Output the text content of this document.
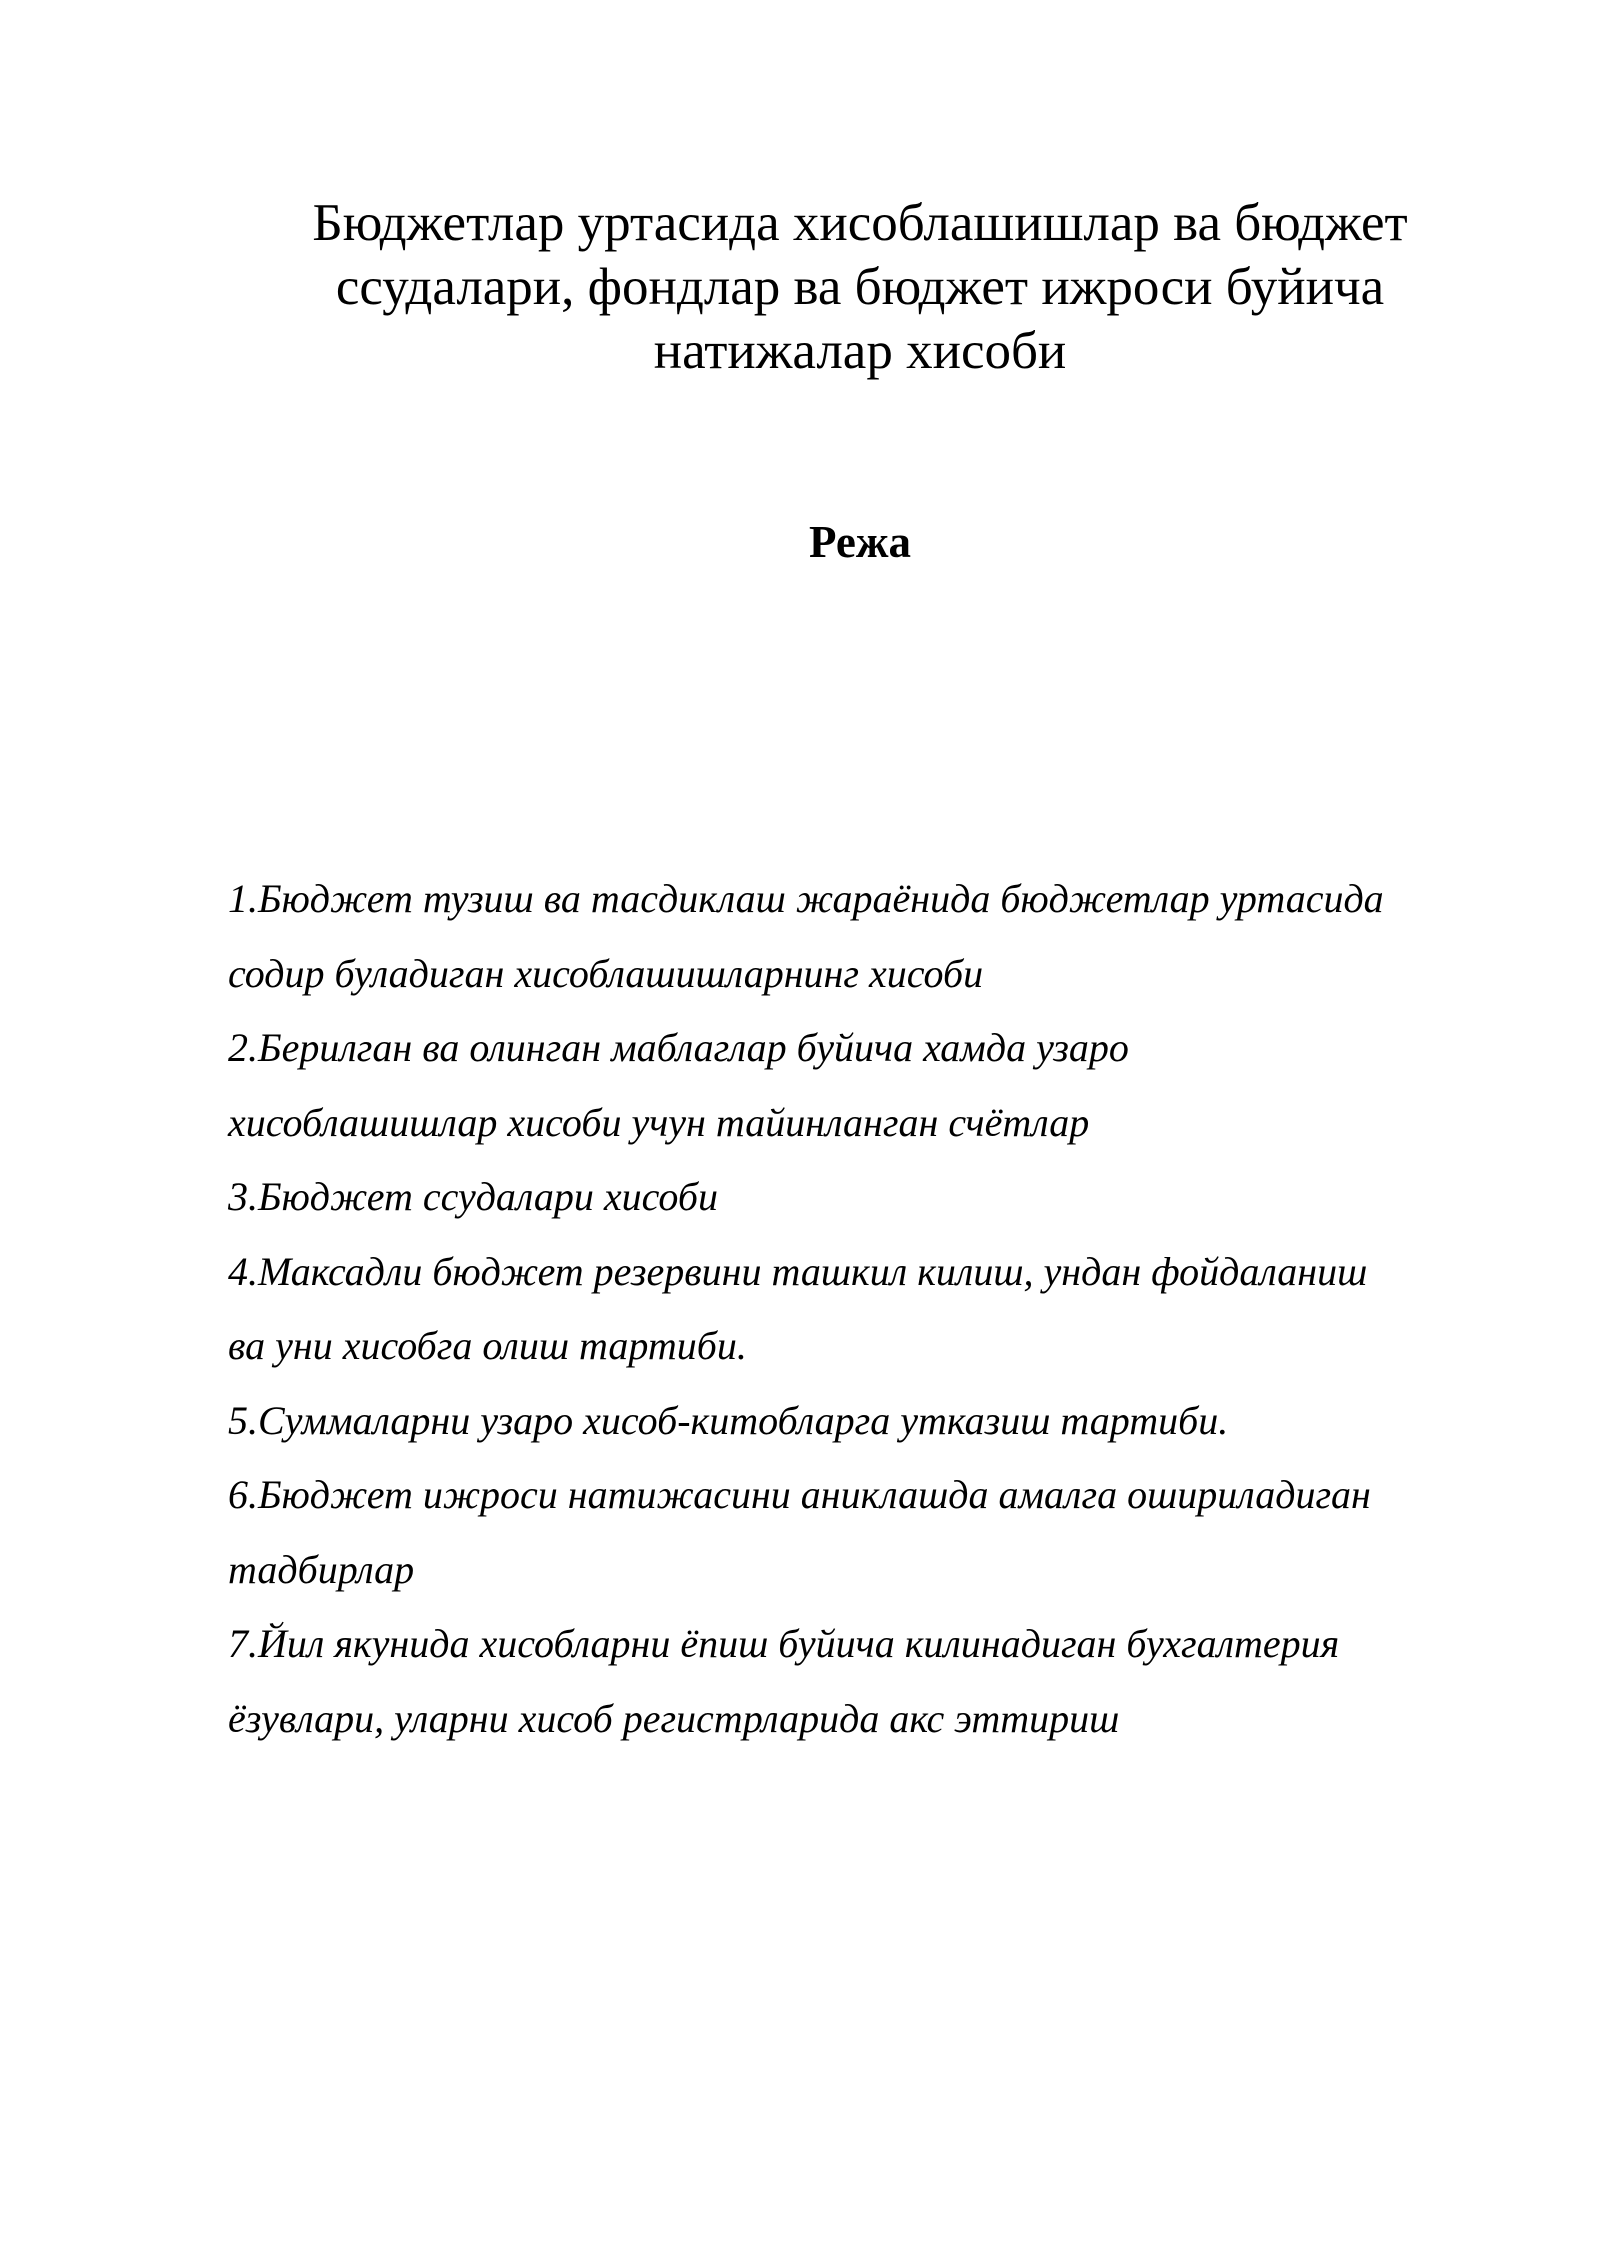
Бюджетлар уртасида хисоблашишлар ва бюджет
ссудалари, фондлар ва бюджет ижроси буйича
натижалар хисоби
Режа
1.Бюджет тузиш ва тасдиклаш жараёнида бюджетлар уртасида
содир буладиган хисоблашишларнинг хисоби
2.Берилган ва олинган маблаглар буйича хамда узаро
хисоблашишлар хисоби учун тайинланган счётлар
3.Бюджет ссудалари хисоби
4.Максадли бюджет резервини ташкил килиш, ундан фойдаланиш
ва уни хисобга олиш тартиби.
5.Суммаларни узаро хисоб-китобларга утказиш тартиби.
6.Бюджет ижроси натижасини аниклашда амалга ошириладиган
тадбирлар
7.Йил якунида хисобларни ёпиш буйича килинадиган бухгалтерия
ёзувлари, уларни хисоб регистрларида акс эттириш
